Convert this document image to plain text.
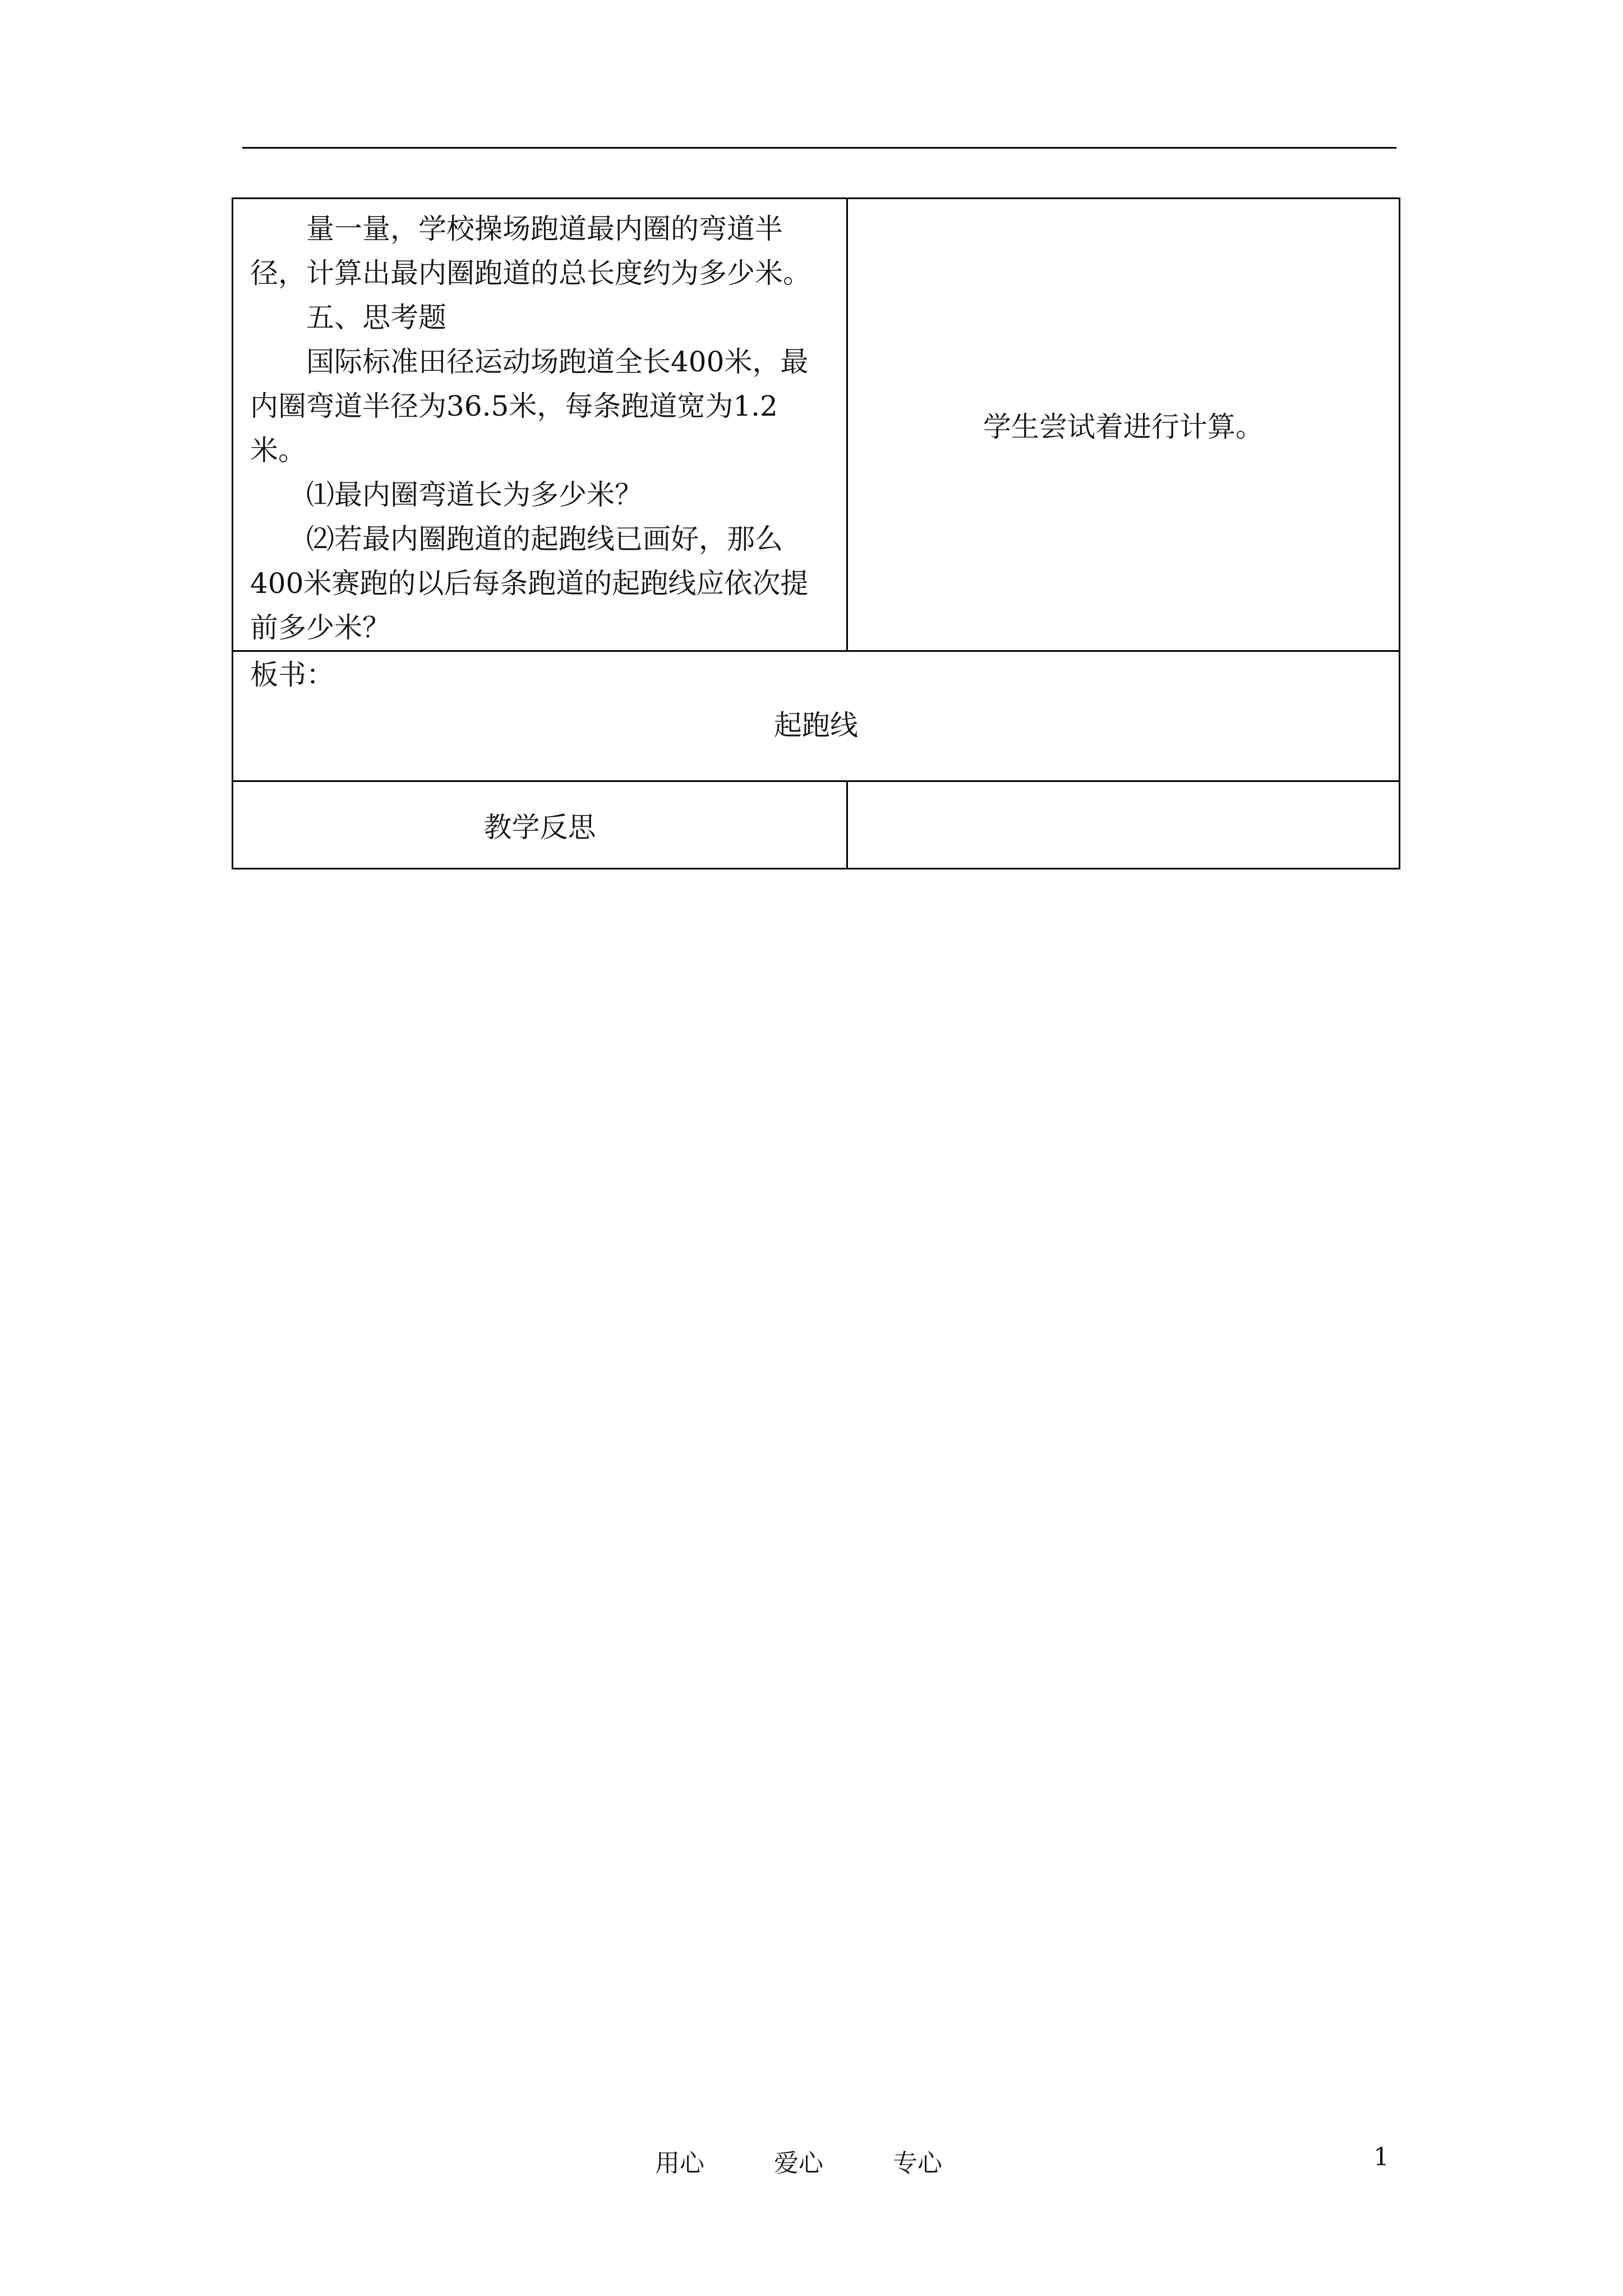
量一量，学校操场跑道最内圈的弯道半径，计算出最内圈跑道的总长度约为多少米。

五、思考题

国际标准田径运动场跑道全长400米，最内圈弯道半径为36.5米，每条跑道宽为1.2米。

⑴最内圈弯道长为多少米？

⑵若最内圈跑道的起跑线已画好，那么400米赛跑的以后每条跑道的起跑线应依次提前多少米？	学生尝试着进行计算。

板书：
起跑线	

教学反思	
用心	爱心	专心	1
